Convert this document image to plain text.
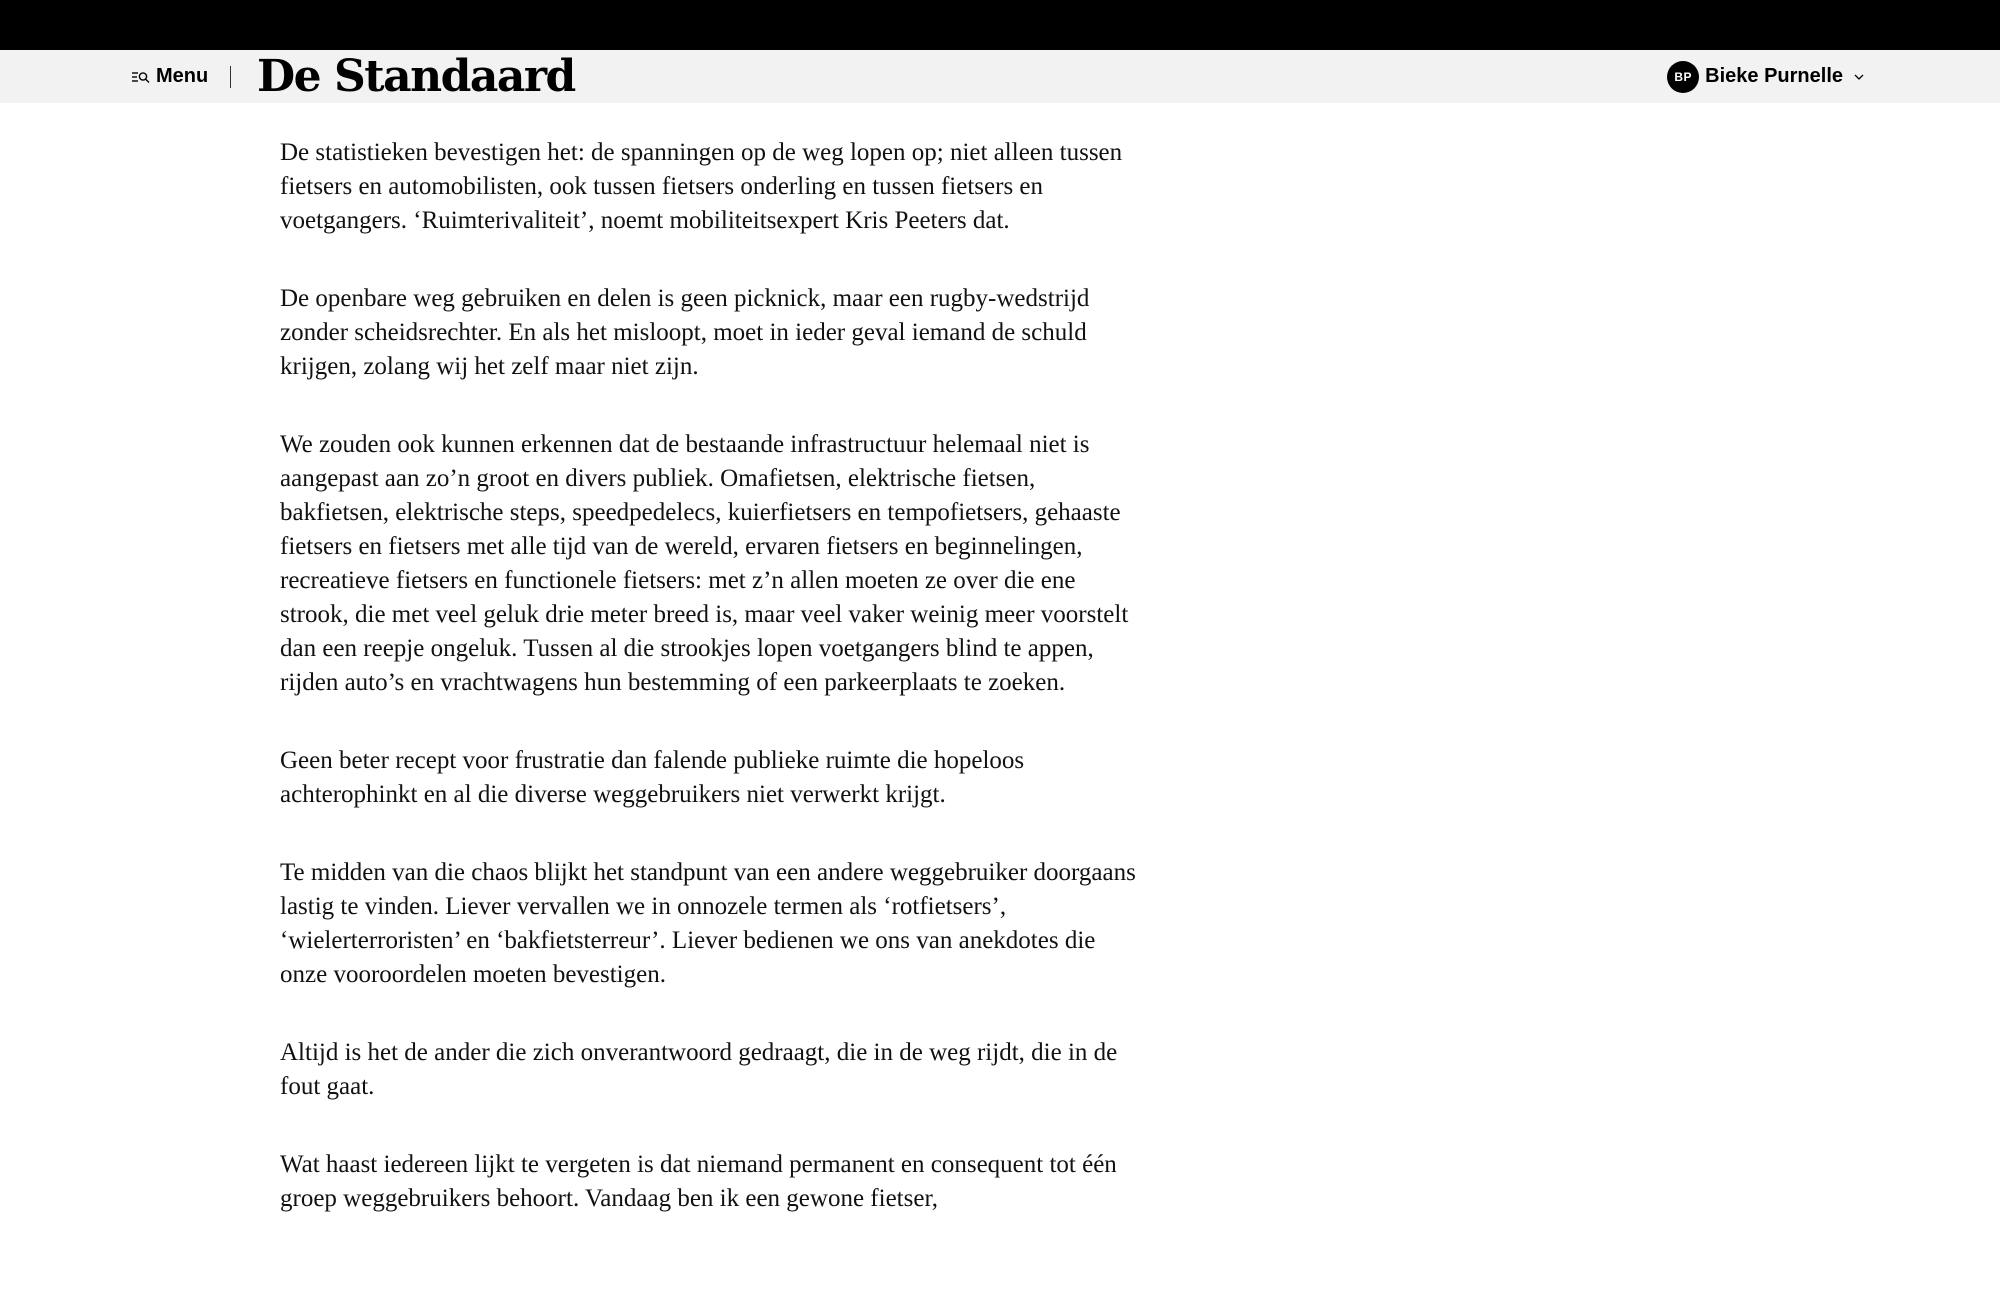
Menu De Standaard	BP Bieke Purnelle

De statistieken bevestigen het: de spanningen op de weg lopen op; niet alleen tussen fietsers en automobilisten, ook tussen fietsers onderling en tussen fietsers en voetgangers. ‘Ruimterivaliteit’, noemt mobiliteitsexpert Kris Peeters dat.

De openbare weg gebruiken en delen is geen picknick, maar een rugby-wedstrijd zonder scheidsrechter. En als het misloopt, moet in ieder geval iemand de schuld krijgen, zolang wij het zelf maar niet zijn.

We zouden ook kunnen erkennen dat de bestaande infrastructuur helemaal niet is aangepast aan zo’n groot en divers publiek. Omafietsen, elektrische fietsen, bakfietsen, elektrische steps, speedpedelecs, kuierfietsers en tempofietsers, gehaaste fietsers en fietsers met alle tijd van de wereld, ervaren fietsers en beginnelingen, recreatieve fietsers en functionele fietsers: met z’n allen moeten ze over die ene strook, die met veel geluk drie meter breed is, maar veel vaker weinig meer voorstelt dan een reepje ongeluk. Tussen al die strookjes lopen voetgangers blind te appen, rijden auto’s en vrachtwagens hun bestemming of een parkeerplaats te zoeken.

Geen beter recept voor frustratie dan falende publieke ruimte die hopeloos achterophinkt en al die diverse weggebruikers niet verwerkt krijgt.

Te midden van die chaos blijkt het standpunt van een andere weggebruiker doorgaans lastig te vinden. Liever vervallen we in onnozele termen als ‘rotfietsers’, ‘wielerterroristen’ en ‘bakfietsterreur’. Liever bedienen we ons van anekdotes die onze vooroordelen moeten bevestigen.

Altijd is het de ander die zich onverantwoord gedraagt, die in de weg rijdt, die in de fout gaat.

Wat haast iedereen lijkt te vergeten is dat niemand permanent en consequent tot één groep weggebruikers behoort. Vandaag ben ik een gewone fietser,
